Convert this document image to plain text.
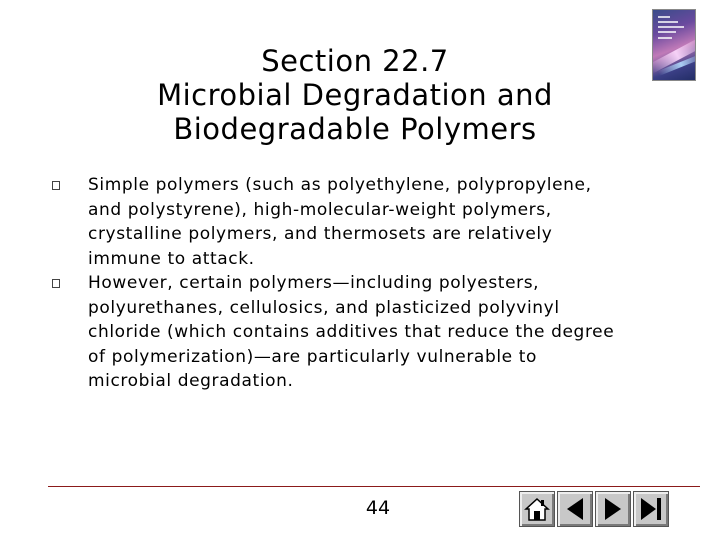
Section 22.7
Microbial Degradation and
Biodegradable Polymers
Simple polymers (such as polyethylene, polypropylene,
and polystyrene), high-molecular-weight polymers,
crystalline polymers, and thermosets are relatively
immune to attack.
However, certain polymers—including polyesters,
polyurethanes, cellulosics, and plasticized polyvinyl
chloride (which contains additives that reduce the degree
of polymerization)—are particularly vulnerable to
microbial degradation.
44
